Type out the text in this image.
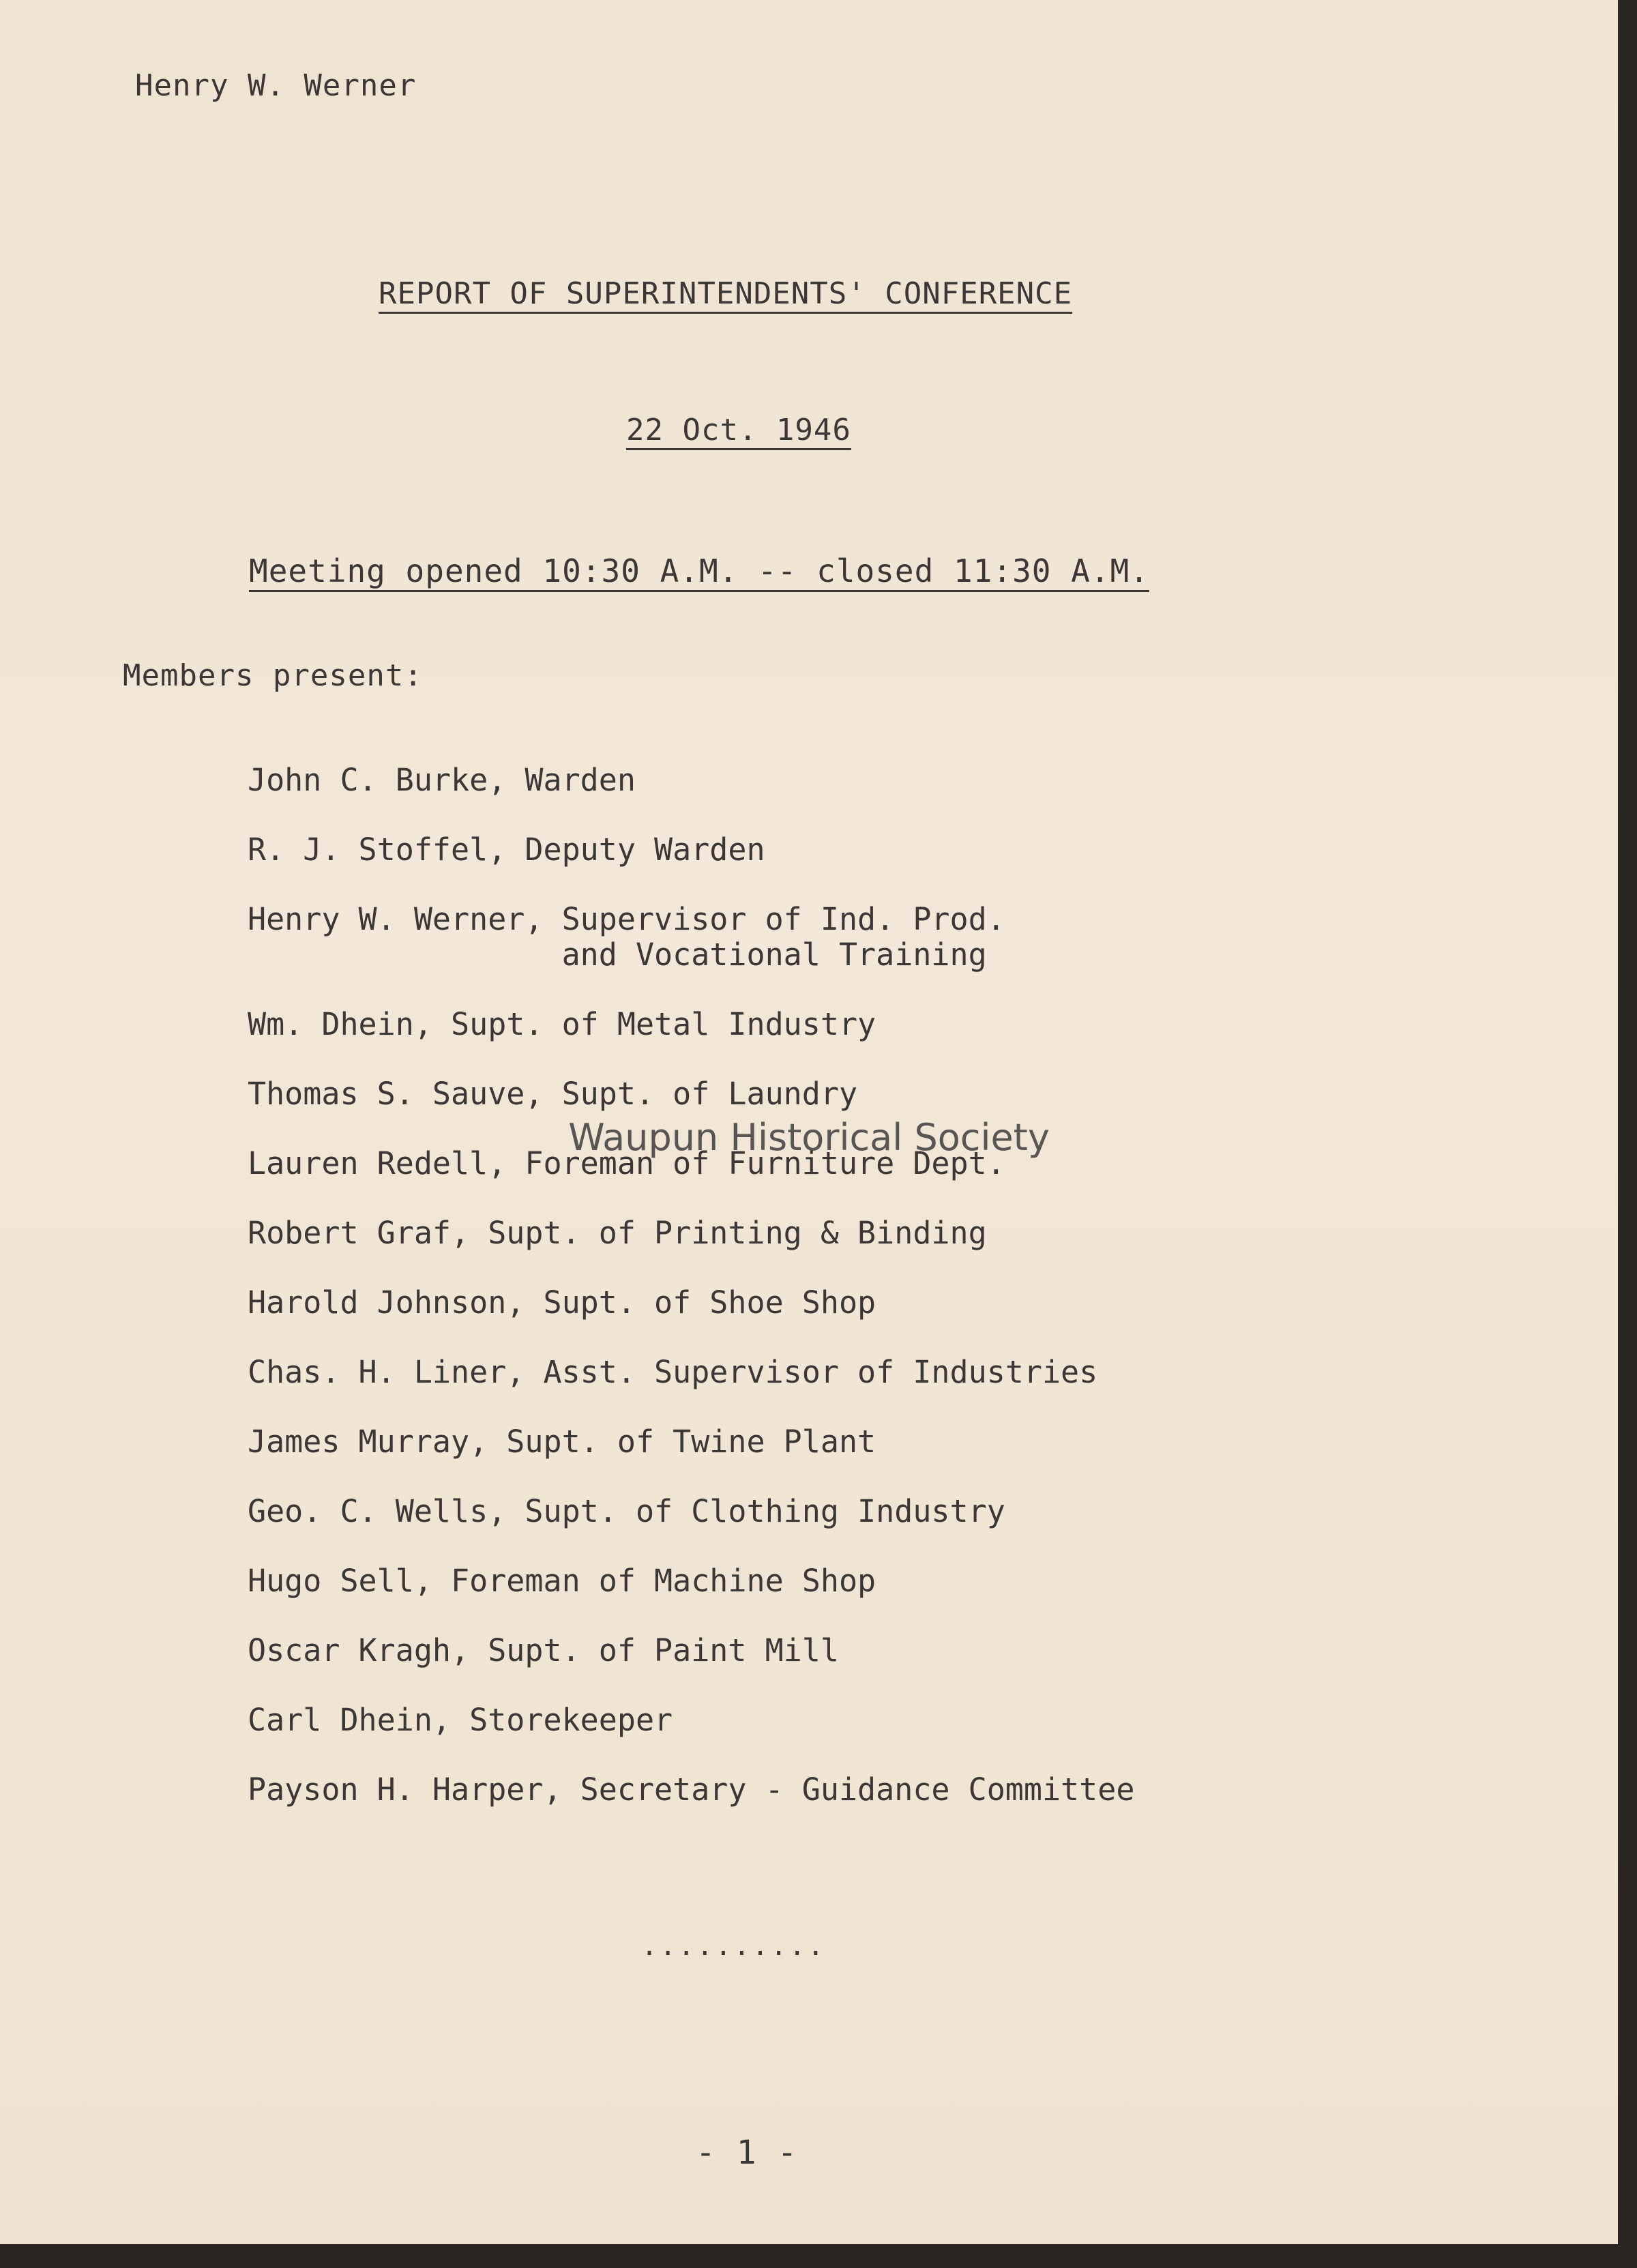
Henry W. Werner
REPORT OF SUPERINTENDENTS' CONFERENCE
22 Oct. 1946
Meeting opened 10:30 A.M. -- closed 11:30 A.M.
Members present:
John C. Burke, Warden
R. J. Stoffel, Deputy Warden
Henry W. Werner, Supervisor of Ind. Prod.
and Vocational Training
Wm. Dhein, Supt. of Metal Industry
Thomas S. Sauve, Supt. of Laundry
Lauren Redell, Foreman of Furniture Dept.
Robert Graf, Supt. of Printing & Binding
Harold Johnson, Supt. of Shoe Shop
Chas. H. Liner, Asst. Supervisor of Industries
James Murray, Supt. of Twine Plant
Geo. C. Wells, Supt. of Clothing Industry
Hugo Sell, Foreman of Machine Shop
Oscar Kragh, Supt. of Paint Mill
Carl Dhein, Storekeeper
Payson H. Harper, Secretary - Guidance Committee
Waupun Historical Society
..........
- 1 -
